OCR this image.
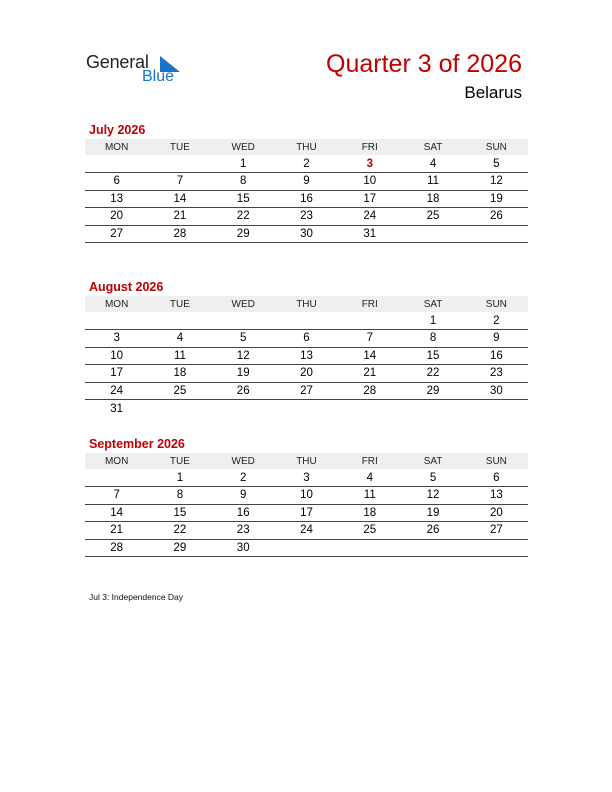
General
Blue	Quarter 3 of 2026
Belarus
July 2026
MON	TUE	WED	THU	FRI	SAT	SUN
		1	2	3	4	5
6	7	8	9	10	11	12
13	14	15	16	17	18	19
20	21	22	23	24	25	26
27	28	29	30	31		
August 2026
MON	TUE	WED	THU	FRI	SAT	SUN
					1	2
3	4	5	6	7	8	9
10	11	12	13	14	15	16
17	18	19	20	21	22	23
24	25	26	27	28	29	30
31						
September 2026
MON	TUE	WED	THU	FRI	SAT	SUN
	1	2	3	4	5	6
7	8	9	10	11	12	13
14	15	16	17	18	19	20
21	22	23	24	25	26	27
28	29	30				
Jul 3: Independence Day
